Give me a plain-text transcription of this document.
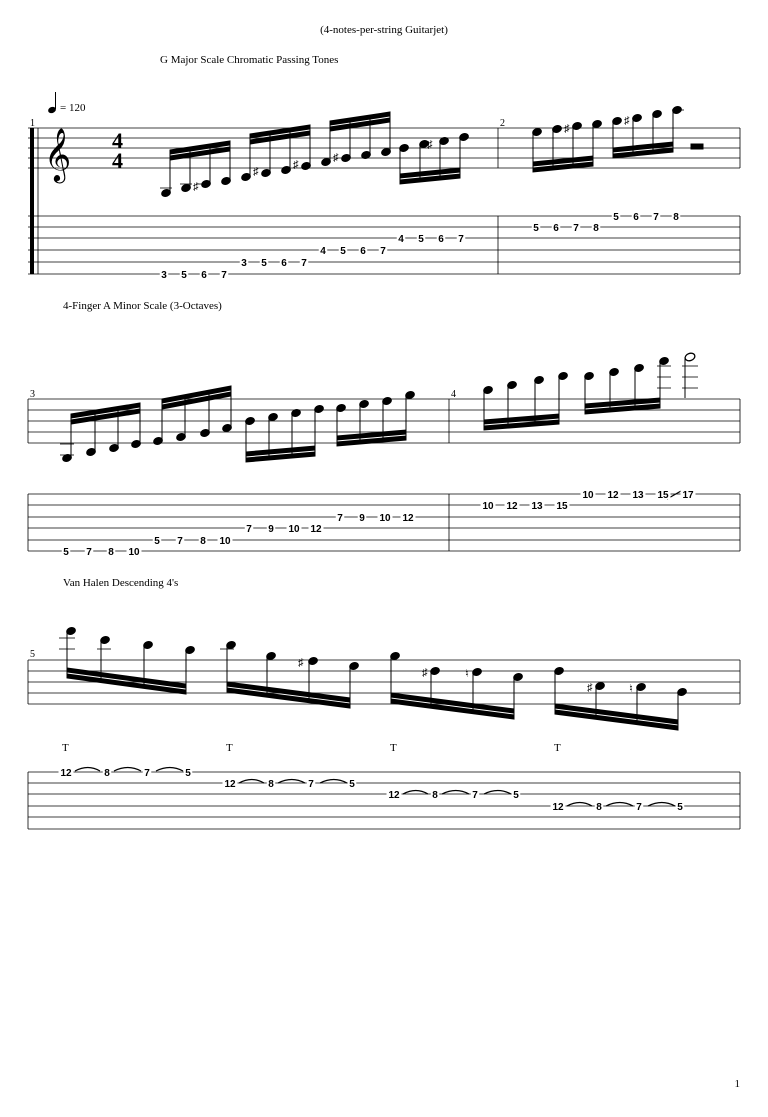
(4-notes-per-string Guitarjet)
G Major Scale Chromatic Passing Tones
= 120
4-Finger A Minor Scale (3-Octaves)
Van Halen Descending 4's
1
1	2
𝄞 4
4
♯
♯
♯
♯
♯
♯
♯
3	4
5
♯
♯	♮
♯	♮
T	T	T	T
3 5 6 7
3 5 6 7
4 5 6 7
4 5 6 7
5 6 7 8
5 6 7 8
5 7 8 10
5 7 8 10
7 9 10 12
7 9 10 12
10 12 13 15
10 12 13 15 17
12	8	7	5
12	8	7	5
12	8	7	5
12	8	7	5
